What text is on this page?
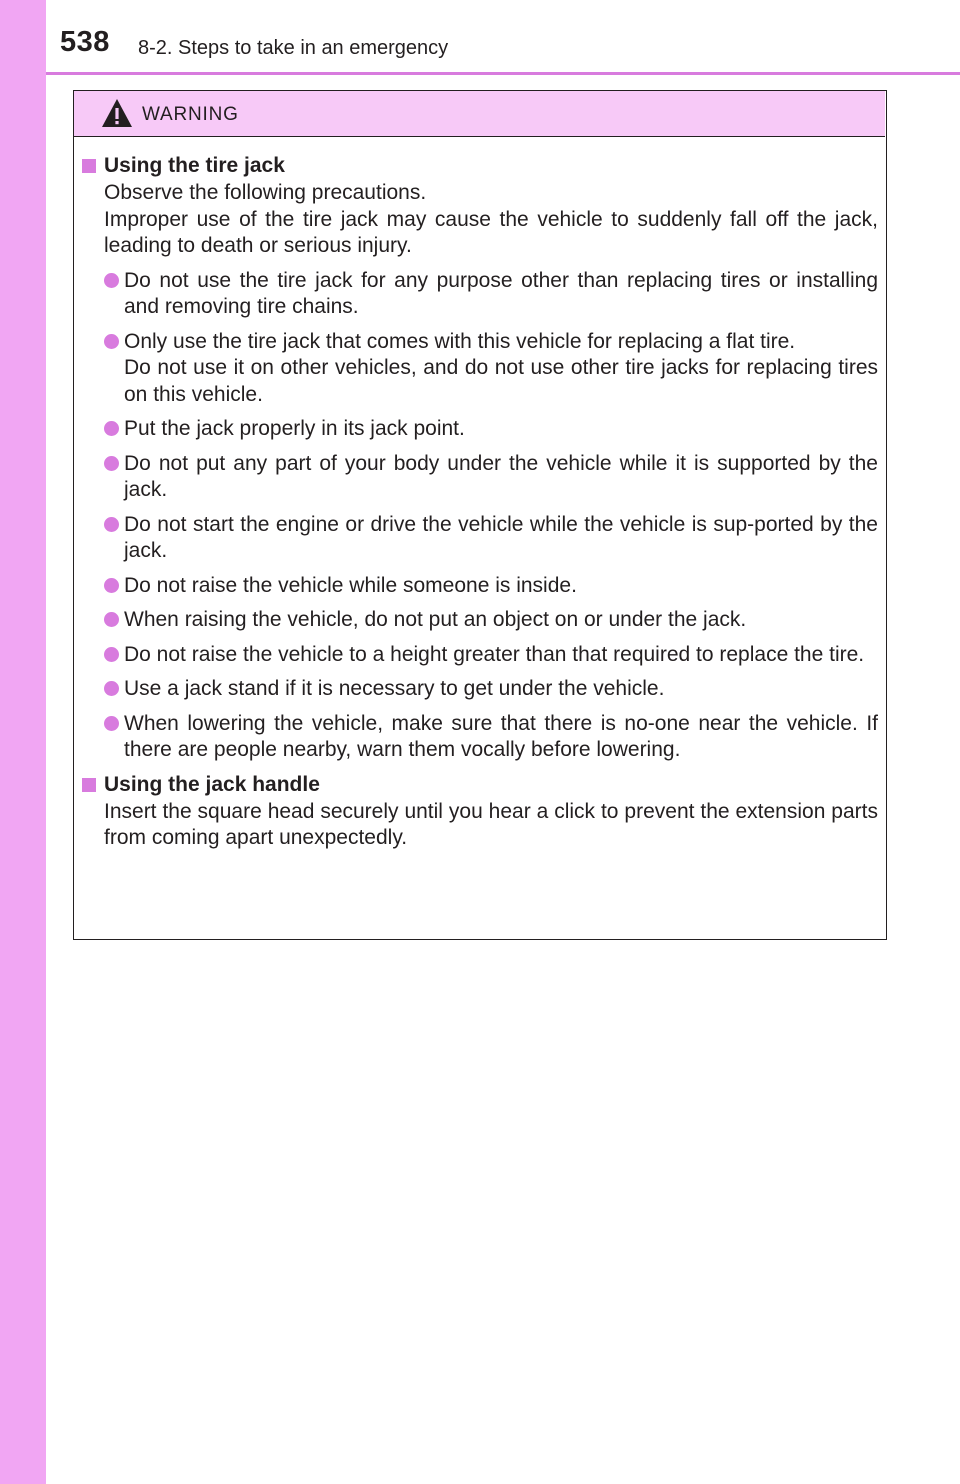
538 8-2. Steps to take in an emergency
WARNING
Using the tire jack
Observe the following precautions.
Improper use of the tire jack may cause the vehicle to suddenly fall off the jack, leading to death or serious injury.
Do not use the tire jack for any purpose other than replacing tires or installing and removing tire chains.
Only use the tire jack that comes with this vehicle for replacing a flat tire.
Do not use it on other vehicles, and do not use other tire jacks for replacing tires on this vehicle.
Put the jack properly in its jack point.
Do not put any part of your body under the vehicle while it is supported by the jack.
Do not start the engine or drive the vehicle while the vehicle is sup-ported by the jack.
Do not raise the vehicle while someone is inside.
When raising the vehicle, do not put an object on or under the jack.
Do not raise the vehicle to a height greater than that required to replace the tire.
Use a jack stand if it is necessary to get under the vehicle.
When lowering the vehicle, make sure that there is no-one near the vehicle. If there are people nearby, warn them vocally before lowering.
Using the jack handle
Insert the square head securely until you hear a click to prevent the extension parts from coming apart unexpectedly.
